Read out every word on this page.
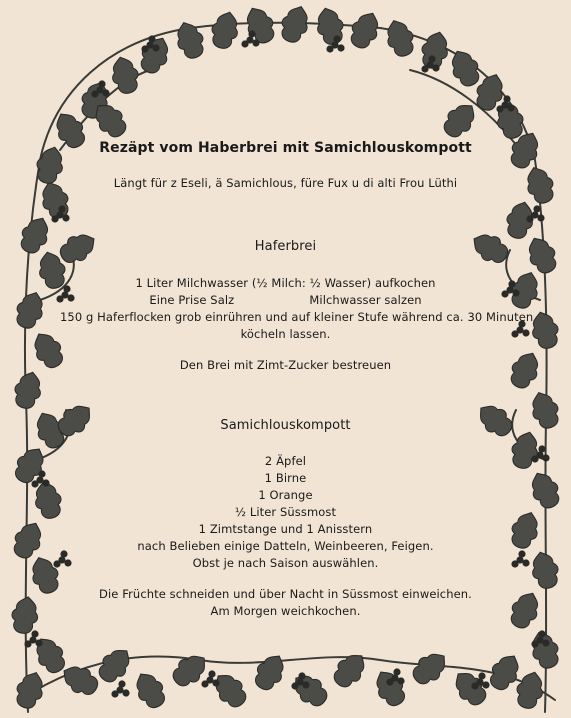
Rezäpt vom Haberbrei mit Samichlouskompott
Längt für z Eseli, ä Samichlous, füre Fux u di alti Frou Lüthi
Haferbrei
1 Liter Milchwasser (½ Milch: ½ Wasser) aufkochen
Eine Prise Salz                    Milchwasser salzen
150 g Haferflocken grob einrühren und auf kleiner Stufe während ca. 30 Minuten
köcheln lassen.
Den Brei mit Zimt-Zucker bestreuen
Samichlouskompott
2 Äpfel
1 Birne
1 Orange
½ Liter Süssmost
1 Zimtstange und 1 Anisstern
nach Belieben einige Datteln, Weinbeeren, Feigen.
Obst je nach Saison auswählen.
Die Früchte schneiden und über Nacht in Süssmost einweichen.
Am Morgen weichkochen.
